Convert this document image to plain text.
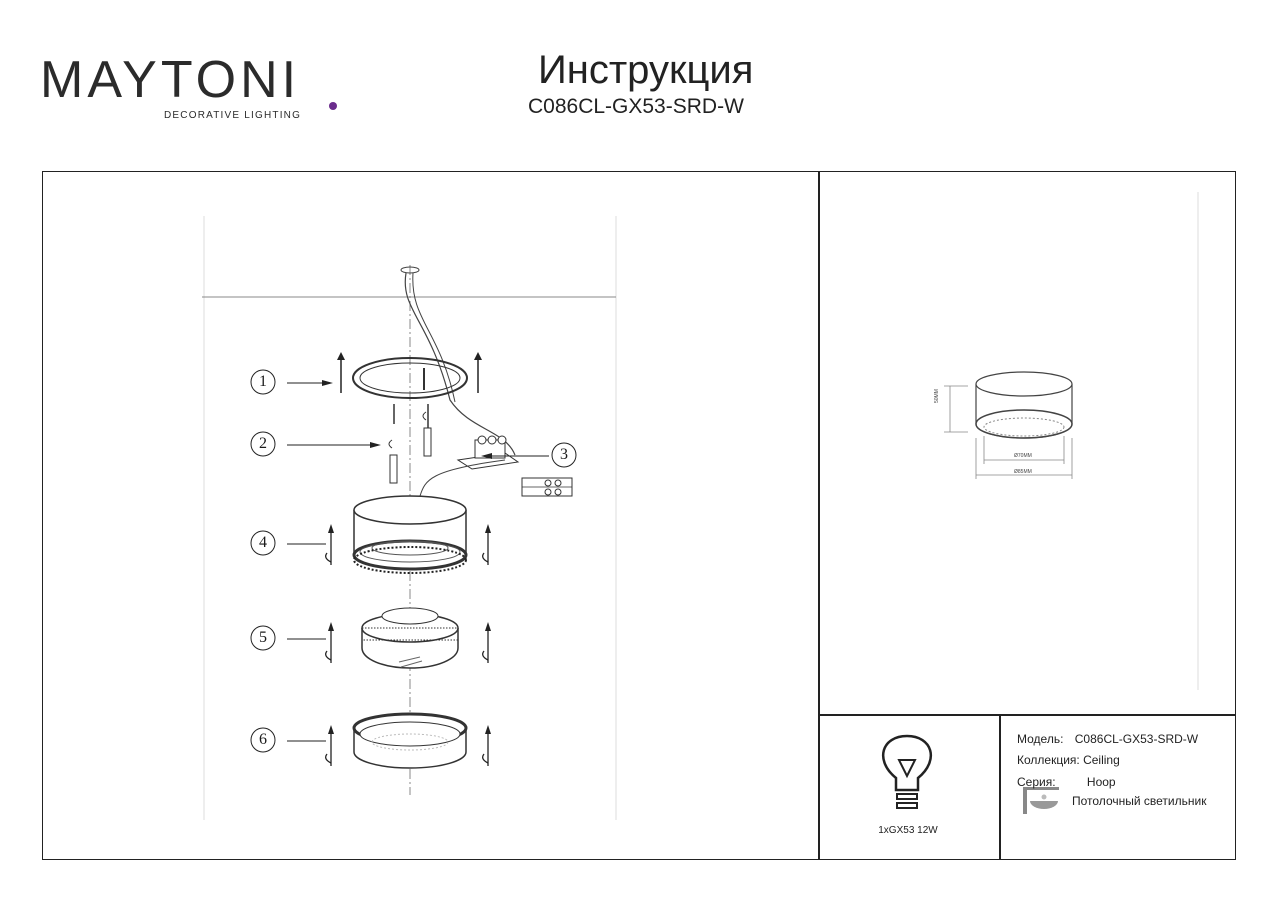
MAYTONI
DECORATIVE LIGHTING
Инструкция
C086CL-GX53-SRD-W
50MM
Ø70MM
Ø85MM
1
2
3
4
5
6
1xGX53 12W
Модель: C086CL-GX53-SRD-W
Коллекция: Ceiling
Серия:	Hoop
Потолочный светильник
